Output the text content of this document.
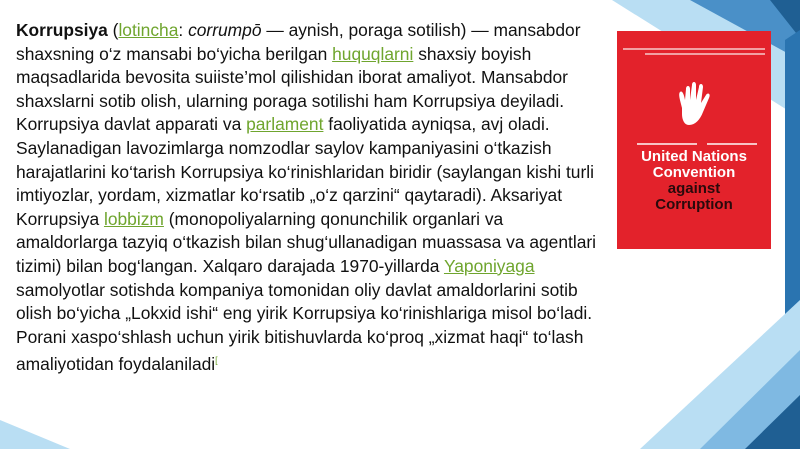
Korrupsiya (lotincha: corrumpō — aynish, poraga sotilish) — mansabdor shaxsning o‘z mansabi bo‘yicha berilgan huquqlarni shaxsiy boyish maqsadlarida bevosita suiiste’mol qilishidan iborat amaliyot. Mansabdor shaxslarni sotib olish, ularning poraga sotilishi ham Korrupsiya deyiladi. Korrupsiya davlat apparati va parlament faoliyatida ayniqsa, avj oladi. Saylanadigan lavozimlarga nomzodlar saylov kampaniyasini o‘tkazish harajatlarini ko‘tarish Korrupsiya ko‘rinishlaridan biridir (saylangan kishi turli imtiyozlar, yordam, xizmatlar ko‘rsatib „o‘z qarzini“ qaytaradi). Aksariyat Korrupsiya lobbizm (monopoliyalarning qonunchilik organlari va amaldorlarga tazyiq o‘tkazish bilan shug‘ullanadigan muassasa va agentlari tizimi) bilan bog‘langan. Xalqaro darajada 1970-yillarda Yaponiyaga samolyotlar sotishda kompaniya tomonidan oliy davlat amaldorlarini sotib olish bo‘yicha „Lokxid ishi“ eng yirik Korrupsiya ko‘rinishlariga misol bo‘ladi. Porani xaspo‘shlash uchun yirik bitishuvlarda ko‘proq „xizmat haqi“ to‘lash amaliyotidan foydalaniladi[
United Nations
Convention
against
Corruption
